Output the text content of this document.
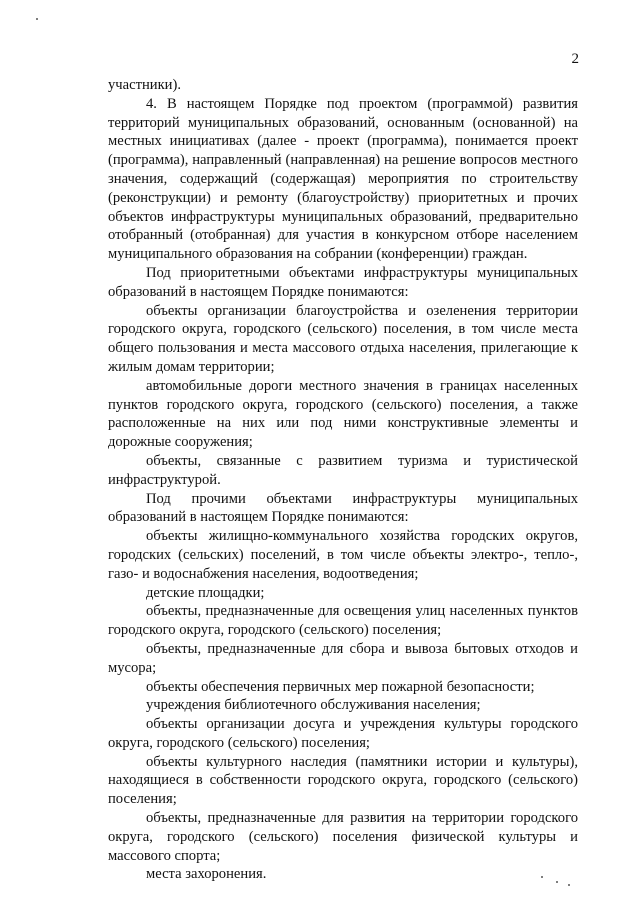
2

участники).

4. В настоящем Порядке под проектом (программой) развития территорий муниципальных образований, основанным (основанной) на местных инициативах (далее - проект (программа), понимается проект (программа), направленный (направленная) на решение вопросов местного значения, содержащий (содержащая) мероприятия по строительству (реконструкции) и ремонту (благоустройству) приоритетных и прочих объектов инфраструктуры муниципальных образований, предварительно отобранный (отобранная) для участия в конкурсном отборе населением муниципального образования на собрании (конференции) граждан.

Под приоритетными объектами инфраструктуры муниципальных образований в настоящем Порядке понимаются:

объекты организации благоустройства и озеленения территории городского округа, городского (сельского) поселения, в том числе места общего пользования и места массового отдыха населения, прилегающие к жилым домам территории;

автомобильные дороги местного значения в границах населенных пунктов городского округа, городского (сельского) поселения, а также расположенные на них или под ними конструктивные элементы и дорожные сооружения;

объекты, связанные с развитием туризма и туристической инфраструктурой.

Под прочими объектами инфраструктуры муниципальных образований в настоящем Порядке понимаются:

объекты жилищно-коммунального хозяйства городских округов, городских (сельских) поселений, в том числе объекты электро-, тепло-, газо- и водоснабжения населения, водоотведения;

детские площадки;

объекты, предназначенные для освещения улиц населенных пунктов городского округа, городского (сельского) поселения;

объекты, предназначенные для сбора и вывоза бытовых отходов и мусора;

объекты обеспечения первичных мер пожарной безопасности;

учреждения библиотечного обслуживания населения;

объекты организации досуга и учреждения культуры городского округа, городского (сельского) поселения;

объекты культурного наследия (памятники истории и культуры), находящиеся в собственности городского округа, городского (сельского) поселения;

объекты, предназначенные для развития на территории городского округа, городского (сельского) поселения физической культуры и массового спорта;

места захоронения.
